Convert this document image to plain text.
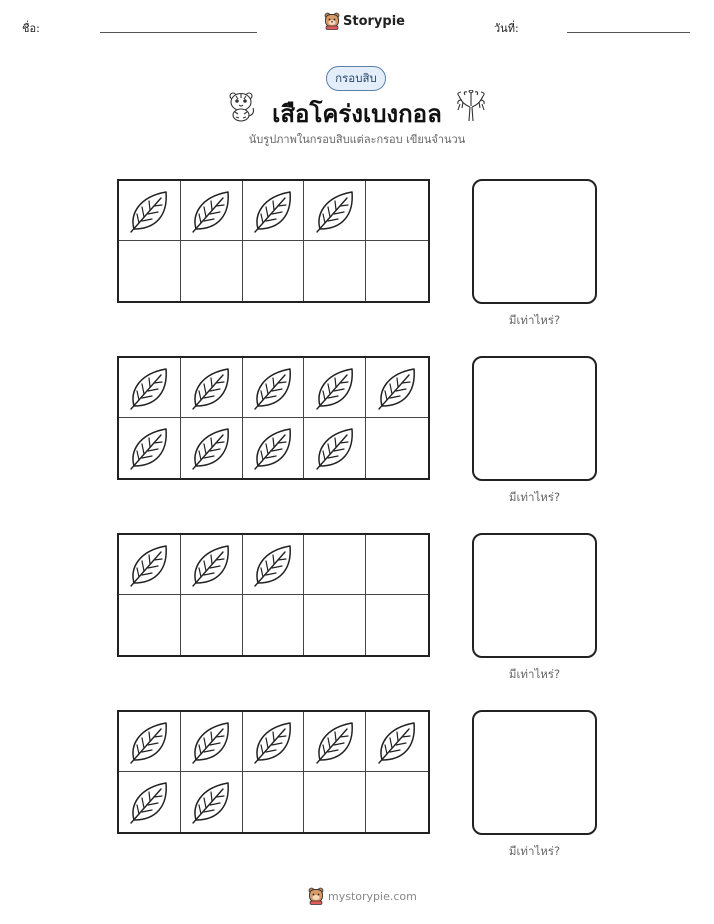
ชื่อ:	Storypie	วันที่:
กรอบสิบ
เสือโคร่งเบงกอล
นับรูปภาพในกรอบสิบแต่ละกรอบ เขียนจำนวน
มีเท่าไหร่?
มีเท่าไหร่?
มีเท่าไหร่?
มีเท่าไหร่?
mystorypie.com
